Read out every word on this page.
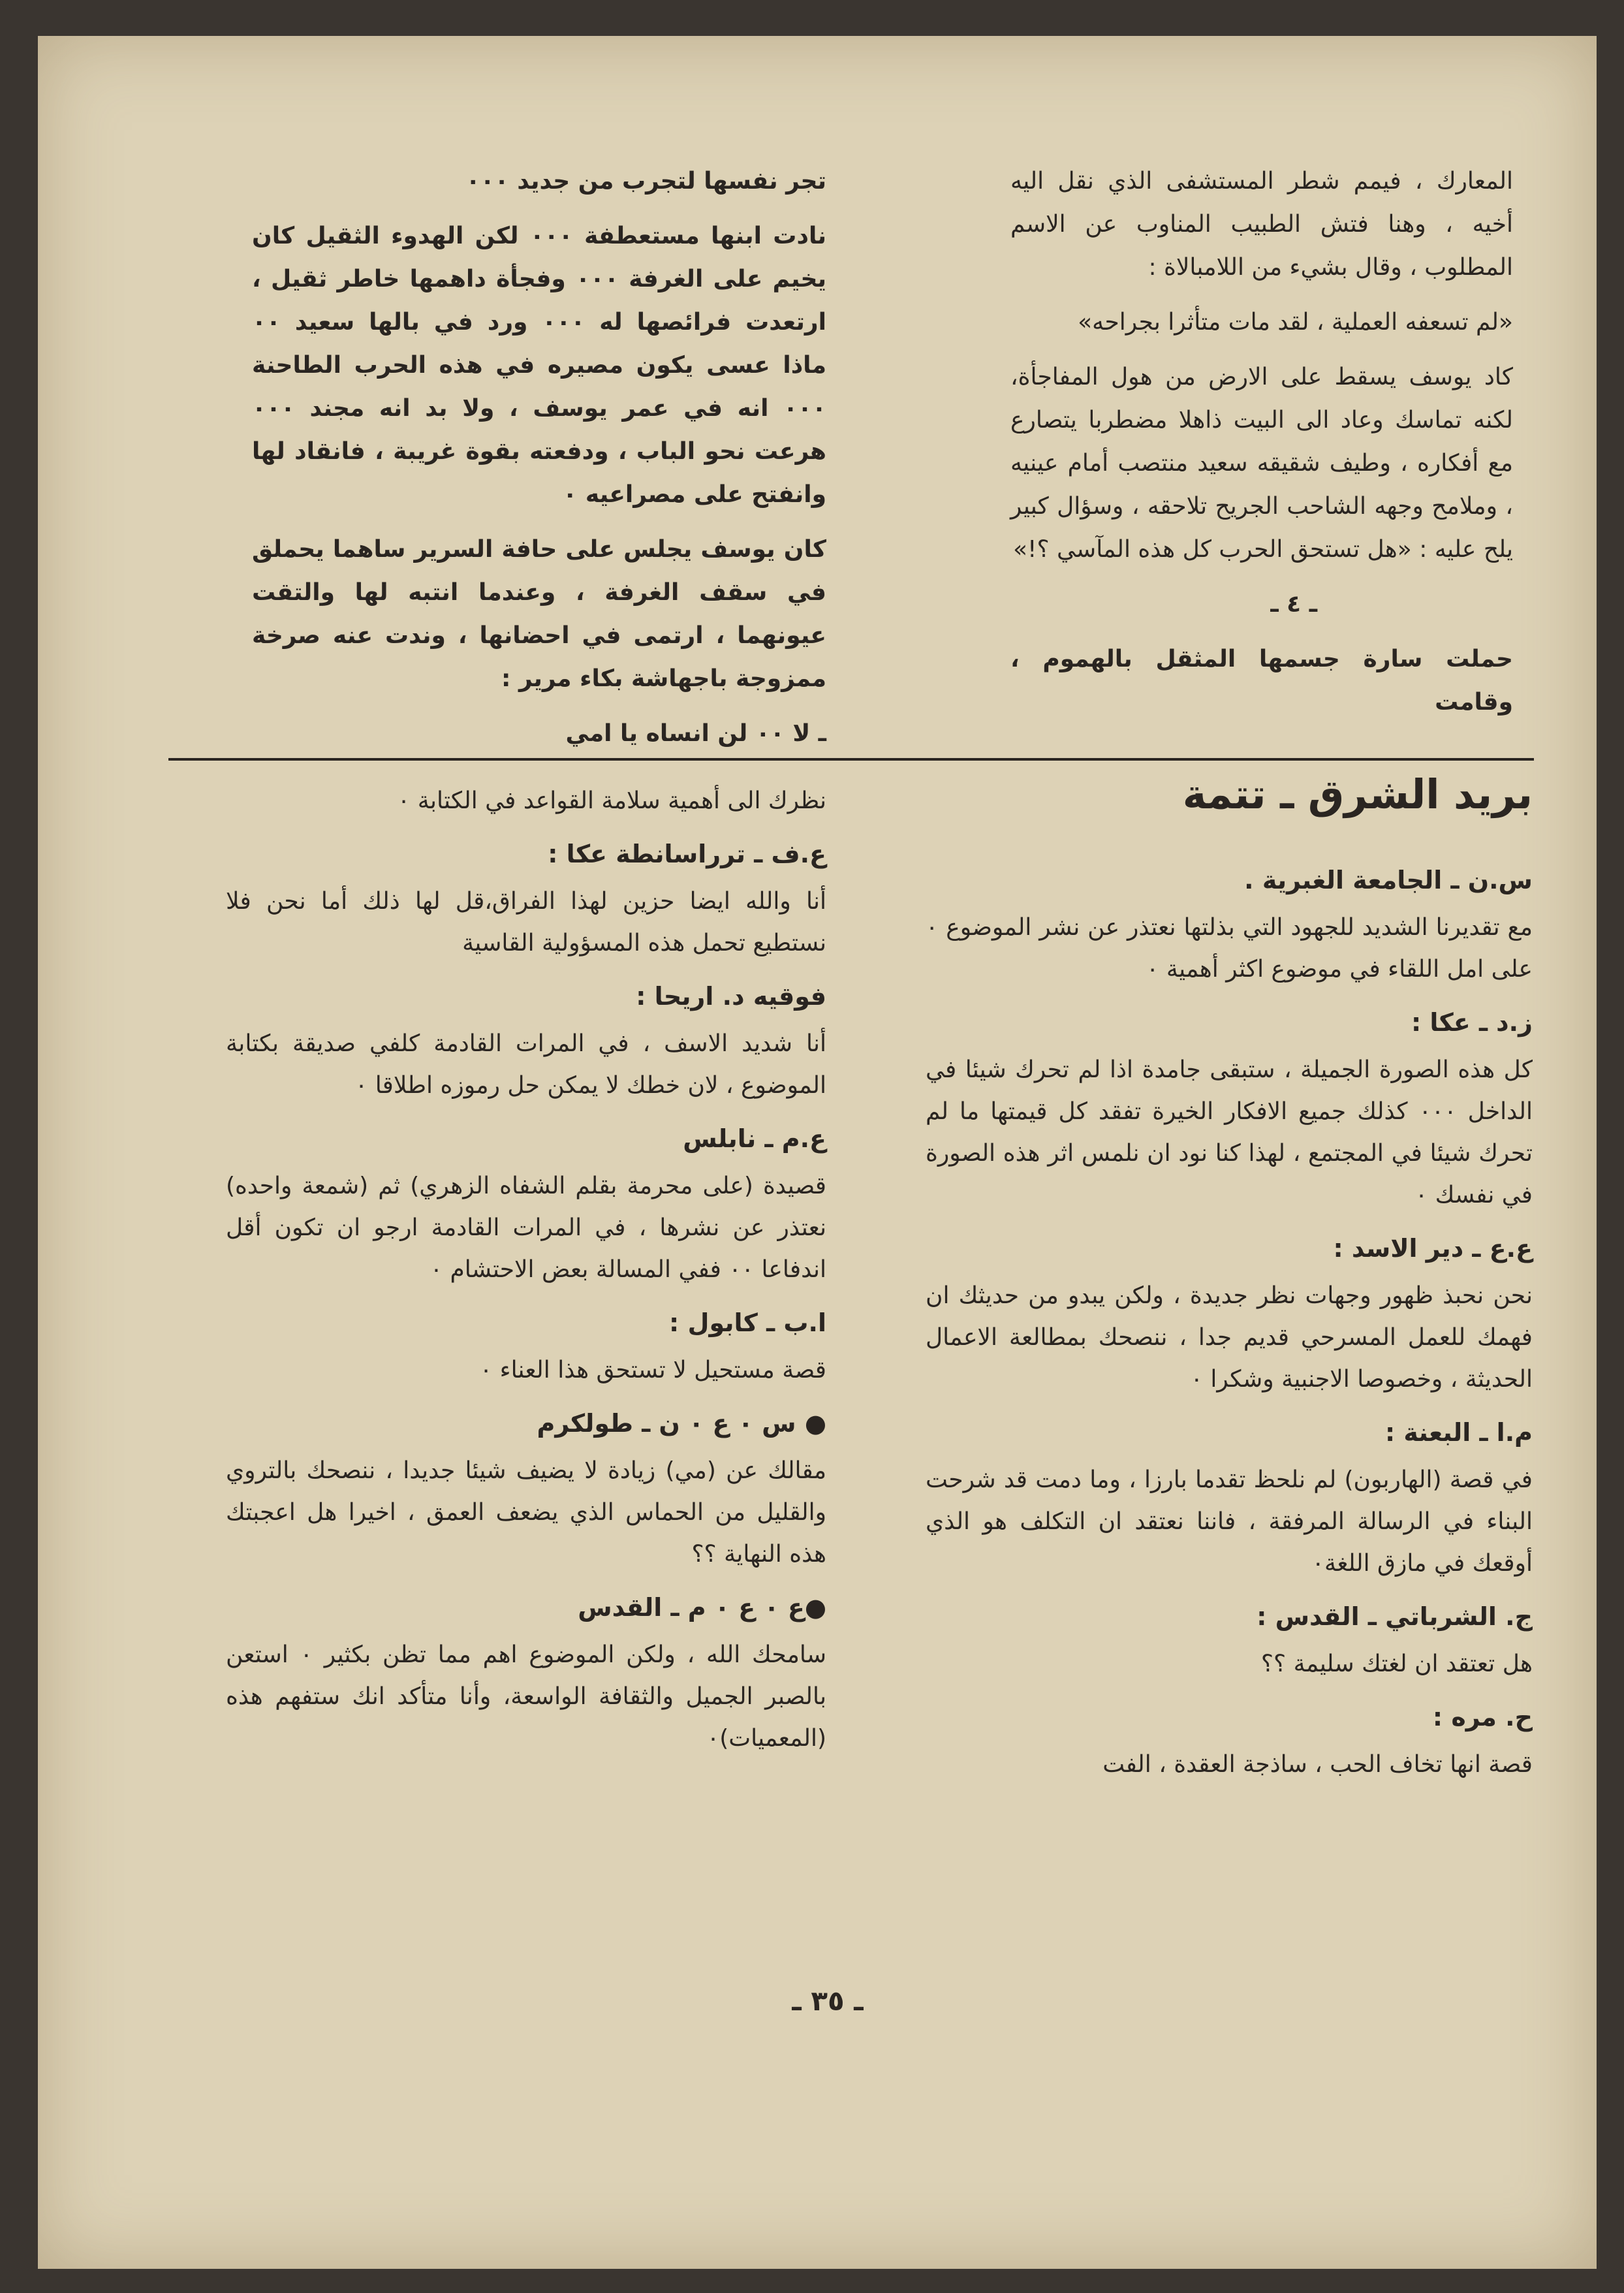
المعارك ، فيمم شطر المستشفى الذي نقل اليه أخيه ، وهنا فتش الطبيب المناوب عن الاسم المطلوب ، وقال بشيء من اللامبالاة :

«لم تسعفه العملية ، لقد مات متأثرا بجراحه»

كاد يوسف يسقط على الارض من هول المفاجأة، لكنه تماسك وعاد الى البيت ذاهلا مضطربا يتصارع مع أفكاره ، وطيف شقيقه سعيد منتصب أمام عينيه ، وملامح وجهه الشاحب الجريح تلاحقه ، وسؤال كبير يلح عليه : «هل تستحق الحرب كل هذه المآسي ؟!»

ـ ٤ ـ

حملت سارة جسمها المثقل بالهموم ، وقامت

تجر نفسها لتجرب من جديد ٠٠٠

نادت ابنها مستعطفة ٠٠٠ لكن الهدوء الثقيل كان يخيم على الغرفة ٠٠٠ وفجأة داهمها خاطر ثقيل ، ارتعدت فرائصها له ٠٠٠ ورد في بالها سعيد ٠٠ ماذا عسى يكون مصيره في هذه الحرب الطاحنة ٠٠٠ انه في عمر يوسف ، ولا بد انه مجند ٠٠٠ هرعت نحو الباب ، ودفعته بقوة غريبة ، فانقاد لها وانفتح على مصراعيه ٠

كان يوسف يجلس على حافة السرير ساهما يحملق في سقف الغرفة ، وعندما انتبه لها والتقت عيونهما ، ارتمى في احضانها ، وندت عنه صرخة ممزوجة باجهاشة بكاء مرير :

ـ لا ٠٠ لن انساه يا امي

بريد الشرق ـ تتمة
س.ن ـ الجامعة الغبرية .

مع تقديرنا الشديد للجهود التي بذلتها نعتذر عن نشر الموضوع ٠ على امل اللقاء في موضوع اكثر أهمية ٠

ز.د ـ عكا :

كل هذه الصورة الجميلة ، ستبقى جامدة اذا لم تحرك شيئا في الداخل ٠٠٠ كذلك جميع الافكار الخيرة تفقد كل قيمتها ما لم تحرك شيئا في المجتمع ، لهذا كنا نود ان نلمس اثر هذه الصورة في نفسك ٠

ع.ع ـ دير الاسد :

نحن نحبذ ظهور وجهات نظر جديدة ، ولكن يبدو من حديثك ان فهمك للعمل المسرحي قديم جدا ، ننصحك بمطالعة الاعمال الحديثة ، وخصوصا الاجنبية وشكرا ٠

م.ا ـ البعنة :

في قصة (الهاربون) لم نلحظ تقدما بارزا ، وما دمت قد شرحت البناء في الرسالة المرفقة ، فاننا نعتقد ان التكلف هو الذي أوقعك في مازق اللغة٠

ج. الشرباتي ـ القدس :

هل تعتقد ان لغتك سليمة ؟؟

ح. مره :

قصة انها تخاف الحب ، ساذجة العقدة ، الفت

نظرك الى أهمية سلامة القواعد في الكتابة ٠

ع.ف ـ ترراسانطة عكا :

أنا والله ايضا حزين لهذا الفراق،قل لها ذلك أما نحن فلا نستطيع تحمل هذه المسؤولية القاسية

فوقيه د. اريحا :

أنا شديد الاسف ، في المرات القادمة كلفي صديقة بكتابة الموضوع ، لان خطك لا يمكن حل رموزه اطلاقا ٠

ع.م ـ نابلس

قصيدة (على محرمة بقلم الشفاه الزهري) ثم (شمعة واحده) نعتذر عن نشرها ، في المرات القادمة ارجو ان تكون أقل اندفاعا ٠٠ ففي المسالة بعض الاحتشام ٠

ا.ب ـ كابول :

قصة مستحيل لا تستحق هذا العناء ٠

● س ٠ ع ٠ ن ـ طولكرم

مقالك عن (مي) زيادة لا يضيف شيئا جديدا ، ننصحك بالتروي والقليل من الحماس الذي يضعف العمق ، اخيرا هل اعجبتك هذه النهاية ؟؟

●ع ٠ ع ٠ م ـ القدس

سامحك الله ، ولكن الموضوع اهم مما تظن بكثير ٠ استعن بالصبر الجميل والثقافة الواسعة، وأنا متأكد انك ستفهم هذه (المعميات)٠

ـ ٣٥ ـ
